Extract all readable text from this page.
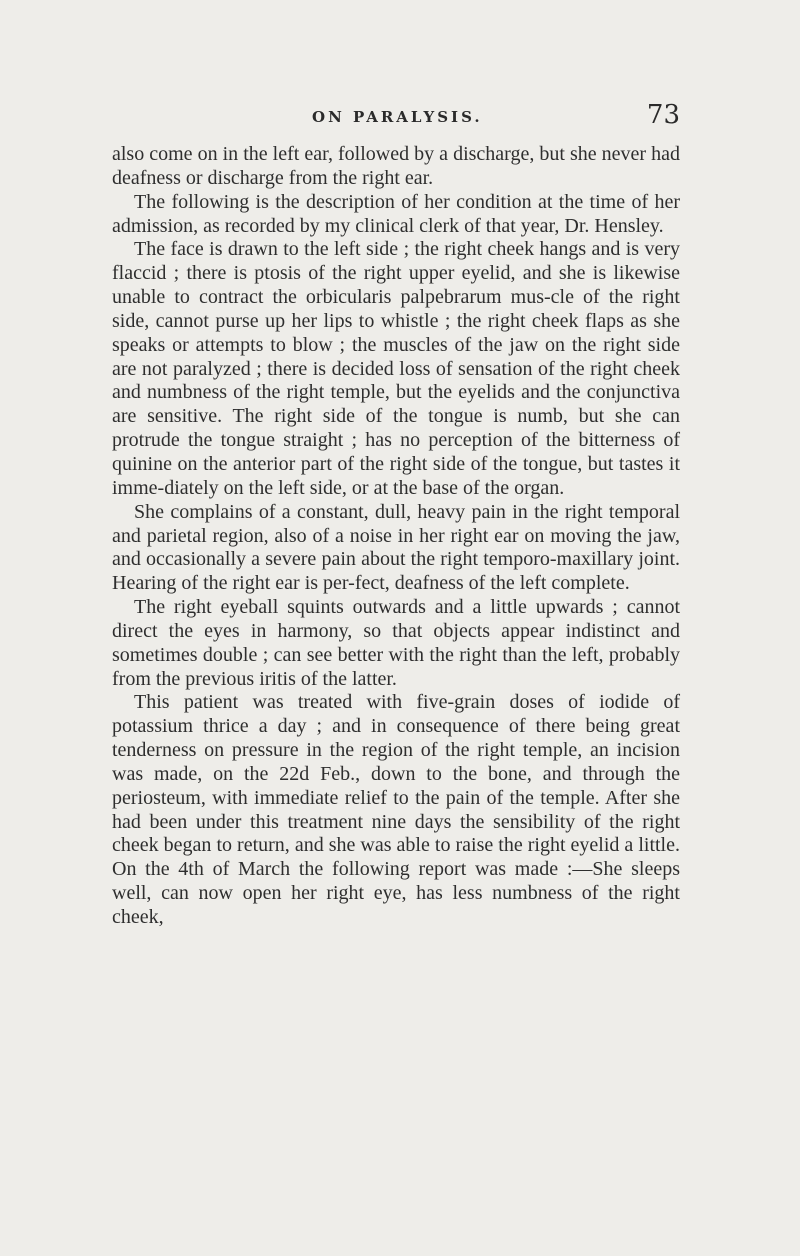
ON PARALYSIS.	73

also come on in the left ear, followed by a discharge, but she never had deafness or discharge from the right ear.

The following is the description of her condition at the time of her admission, as recorded by my clinical clerk of that year, Dr. Hensley.

The face is drawn to the left side ; the right cheek hangs and is very flaccid ; there is ptosis of the right upper eyelid, and she is likewise unable to contract the orbicularis palpebrarum mus-cle of the right side, cannot purse up her lips to whistle ; the right cheek flaps as she speaks or attempts to blow ; the muscles of the jaw on the right side are not paralyzed ; there is decided loss of sensation of the right cheek and numbness of the right temple, but the eyelids and the conjunctiva are sensitive. The right side of the tongue is numb, but she can protrude the tongue straight ; has no perception of the bitterness of quinine on the anterior part of the right side of the tongue, but tastes it imme-diately on the left side, or at the base of the organ.

She complains of a constant, dull, heavy pain in the right temporal and parietal region, also of a noise in her right ear on moving the jaw, and occasionally a severe pain about the right temporo-maxillary joint. Hearing of the right ear is per-fect, deafness of the left complete.

The right eyeball squints outwards and a little upwards ; cannot direct the eyes in harmony, so that objects appear indistinct and sometimes double ; can see better with the right than the left, probably from the previous iritis of the latter.

This patient was treated with five-grain doses of iodide of potassium thrice a day ; and in consequence of there being great tenderness on pressure in the region of the right temple, an incision was made, on the 22d Feb., down to the bone, and through the periosteum, with immediate relief to the pain of the temple. After she had been under this treatment nine days the sensibility of the right cheek began to return, and she was able to raise the right eyelid a little. On the 4th of March the following report was made :—She sleeps well, can now open her right eye, has less numbness of the right cheek,
